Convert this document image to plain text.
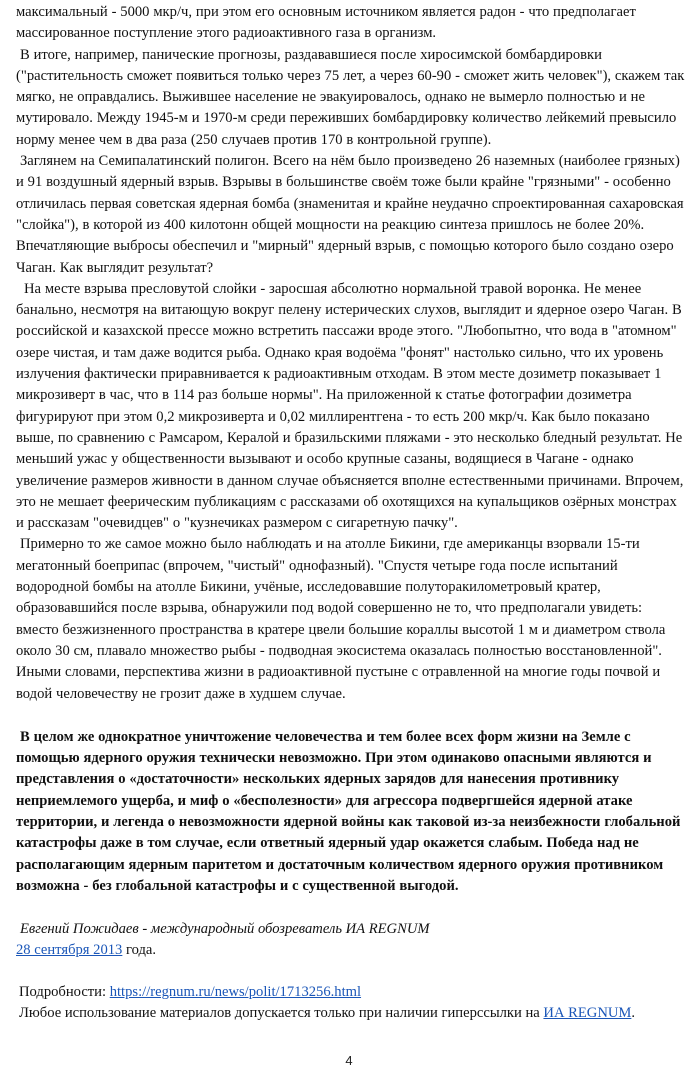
максимальный - 5000 мкр/ч, при этом его основным источником является радон - что предполагает массированное поступление этого радиоактивного газа в организм.

В итоге, например, панические прогнозы, раздававшиеся после хиросимской бомбардировки ("растительность сможет появиться только через 75 лет, а через 60-90 - сможет жить человек"), скажем так мягко, не оправдались. Выжившее население не эвакуировалось, однако не вымерло полностью и не мутировало. Между 1945-м и 1970-м среди переживших бомбардировку количество лейкемий превысило норму менее чем в два раза (250 случаев против 170 в контрольной группе).

Заглянем на Семипалатинский полигон. Всего на нём было произведено 26 наземных (наиболее грязных) и 91 воздушный ядерный взрыв. Взрывы в большинстве своём тоже были крайне "грязными" - особенно отличилась первая советская ядерная бомба (знаменитая и крайне неудачно спроектированная сахаровская "слойка"), в которой из 400 килотонн общей мощности на реакцию синтеза пришлось не более 20%. Впечатляющие выбросы обеспечил и "мирный" ядерный взрыв, с помощью которого было создано озеро Чаган. Как выглядит результат?

На месте взрыва пресловутой слойки - заросшая абсолютно нормальной травой воронка. Не менее банально, несмотря на витающую вокруг пелену истерических слухов, выглядит и ядерное озеро Чаган. В российской и казахской прессе можно встретить пассажи вроде этого. "Любопытно, что вода в "атомном" озере чистая, и там даже водится рыба. Однако края водоёма "фонят" настолько сильно, что их уровень излучения фактически приравнивается к радиоактивным отходам. В этом месте дозиметр показывает 1 микрозиверт в час, что в 114 раз больше нормы". На приложенной к статье фотографии дозиметра фигурируют при этом 0,2 микрозиверта и 0,02 миллирентгена - то есть 200 мкр/ч. Как было показано выше, по сравнению с Рамсаром, Кералой и бразильскими пляжами - это несколько бледный результат. Не меньший ужас у общественности вызывают и особо крупные сазаны, водящиеся в Чагане - однако увеличение размеров живности в данном случае объясняется вполне естественными причинами. Впрочем, это не мешает феерическим публикациям с рассказами об охотящихся на купальщиков озёрных монстрах и рассказам "очевидцев" о "кузнечиках размером с сигаретную пачку".

Примерно то же самое можно было наблюдать и на атолле Бикини, где американцы взорвали 15-ти мегатонный боеприпас (впрочем, "чистый" однофазный). "Спустя четыре года после испытаний водородной бомбы на атолле Бикини, учёные, исследовавшие полуторакилометровый кратер, образовавшийся после взрыва, обнаружили под водой совершенно не то, что предполагали увидеть: вместо безжизненного пространства в кратере цвели большие кораллы высотой 1 м и диаметром ствола около 30 см, плавало множество рыбы - подводная экосистема оказалась полностью восстановленной". Иными словами, перспектива жизни в радиоактивной пустыне с отравленной на многие годы почвой и водой человечеству не грозит даже в худшем случае.

В целом же однократное уничтожение человечества и тем более всех форм жизни на Земле с помощью ядерного оружия технически невозможно. При этом одинаково опасными являются и представления о «достаточности» нескольких ядерных зарядов для нанесения противнику неприемлемого ущерба, и миф о «бесполезности» для агрессора подвергшейся ядерной атаке территории, и легенда о невозможности ядерной войны как таковой из-за неизбежности глобальной катастрофы даже в том случае, если ответный ядерный удар окажется слабым. Победа над не располагающим ядерным паритетом и достаточным количеством ядерного оружия противником возможна - без глобальной катастрофы и с существенной выгодой.

Евгений Пожидаев - международный обозреватель ИА REGNUM
28 сентября 2013 года.
Подробности: https://regnum.ru/news/polit/1713256.html
Любое использование материалов допускается только при наличии гиперссылки на ИА REGNUM.
4
